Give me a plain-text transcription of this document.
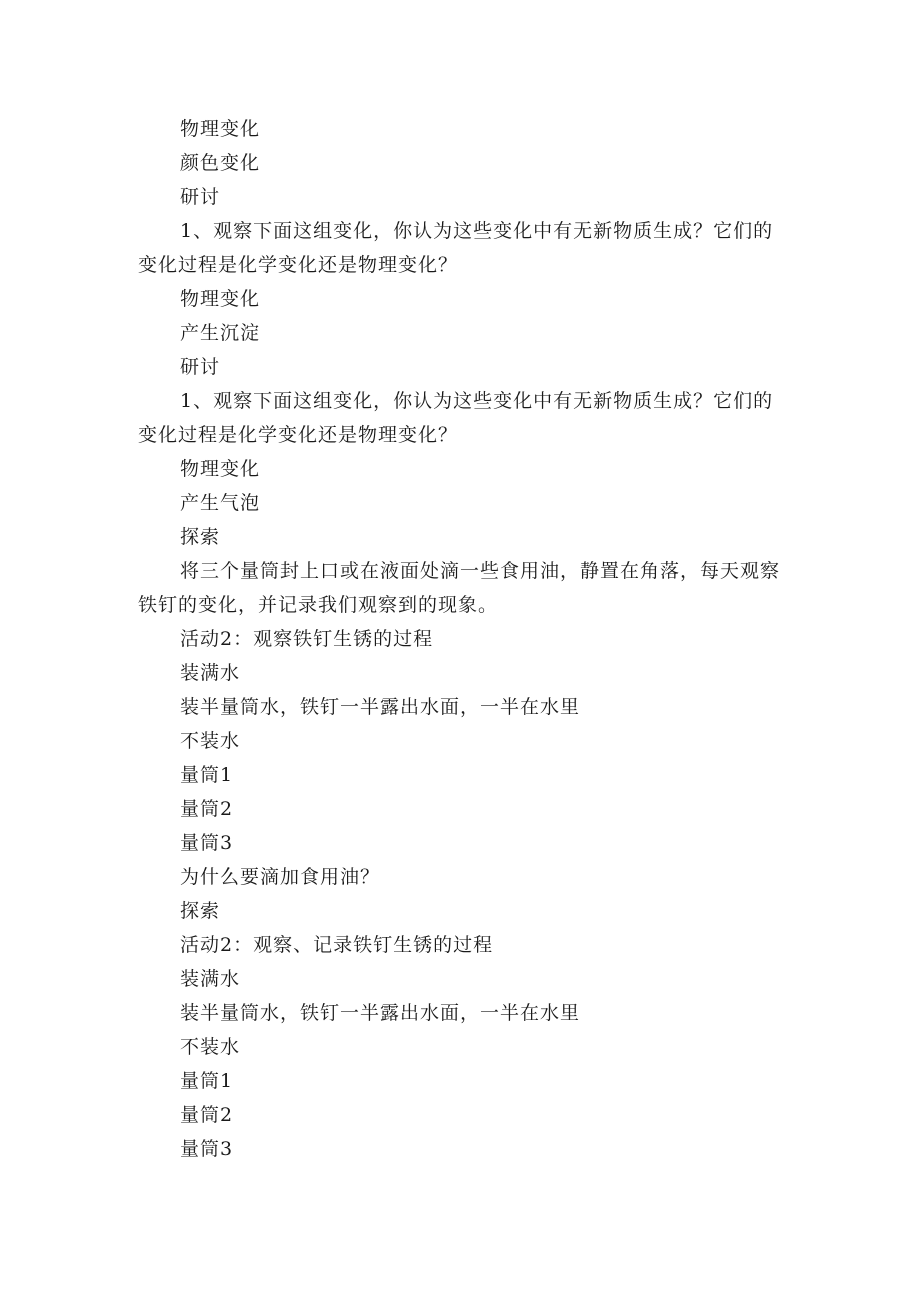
物理变化
颜色变化
研讨
1、观察下面这组变化，你认为这些变化中有无新物质生成？它们的变化过程是化学变化还是物理变化？
物理变化
产生沉淀
研讨
1、观察下面这组变化，你认为这些变化中有无新物质生成？它们的变化过程是化学变化还是物理变化？
物理变化
产生气泡
探索
将三个量筒封上口或在液面处滴一些食用油，静置在角落，每天观察铁钉的变化，并记录我们观察到的现象。
活动2：观察铁钉生锈的过程
装满水
装半量筒水，铁钉一半露出水面，一半在水里
不装水
量筒1
量筒2
量筒3
为什么要滴加食用油？
探索
活动2：观察、记录铁钉生锈的过程
装满水
装半量筒水，铁钉一半露出水面，一半在水里
不装水
量筒1
量筒2
量筒3
